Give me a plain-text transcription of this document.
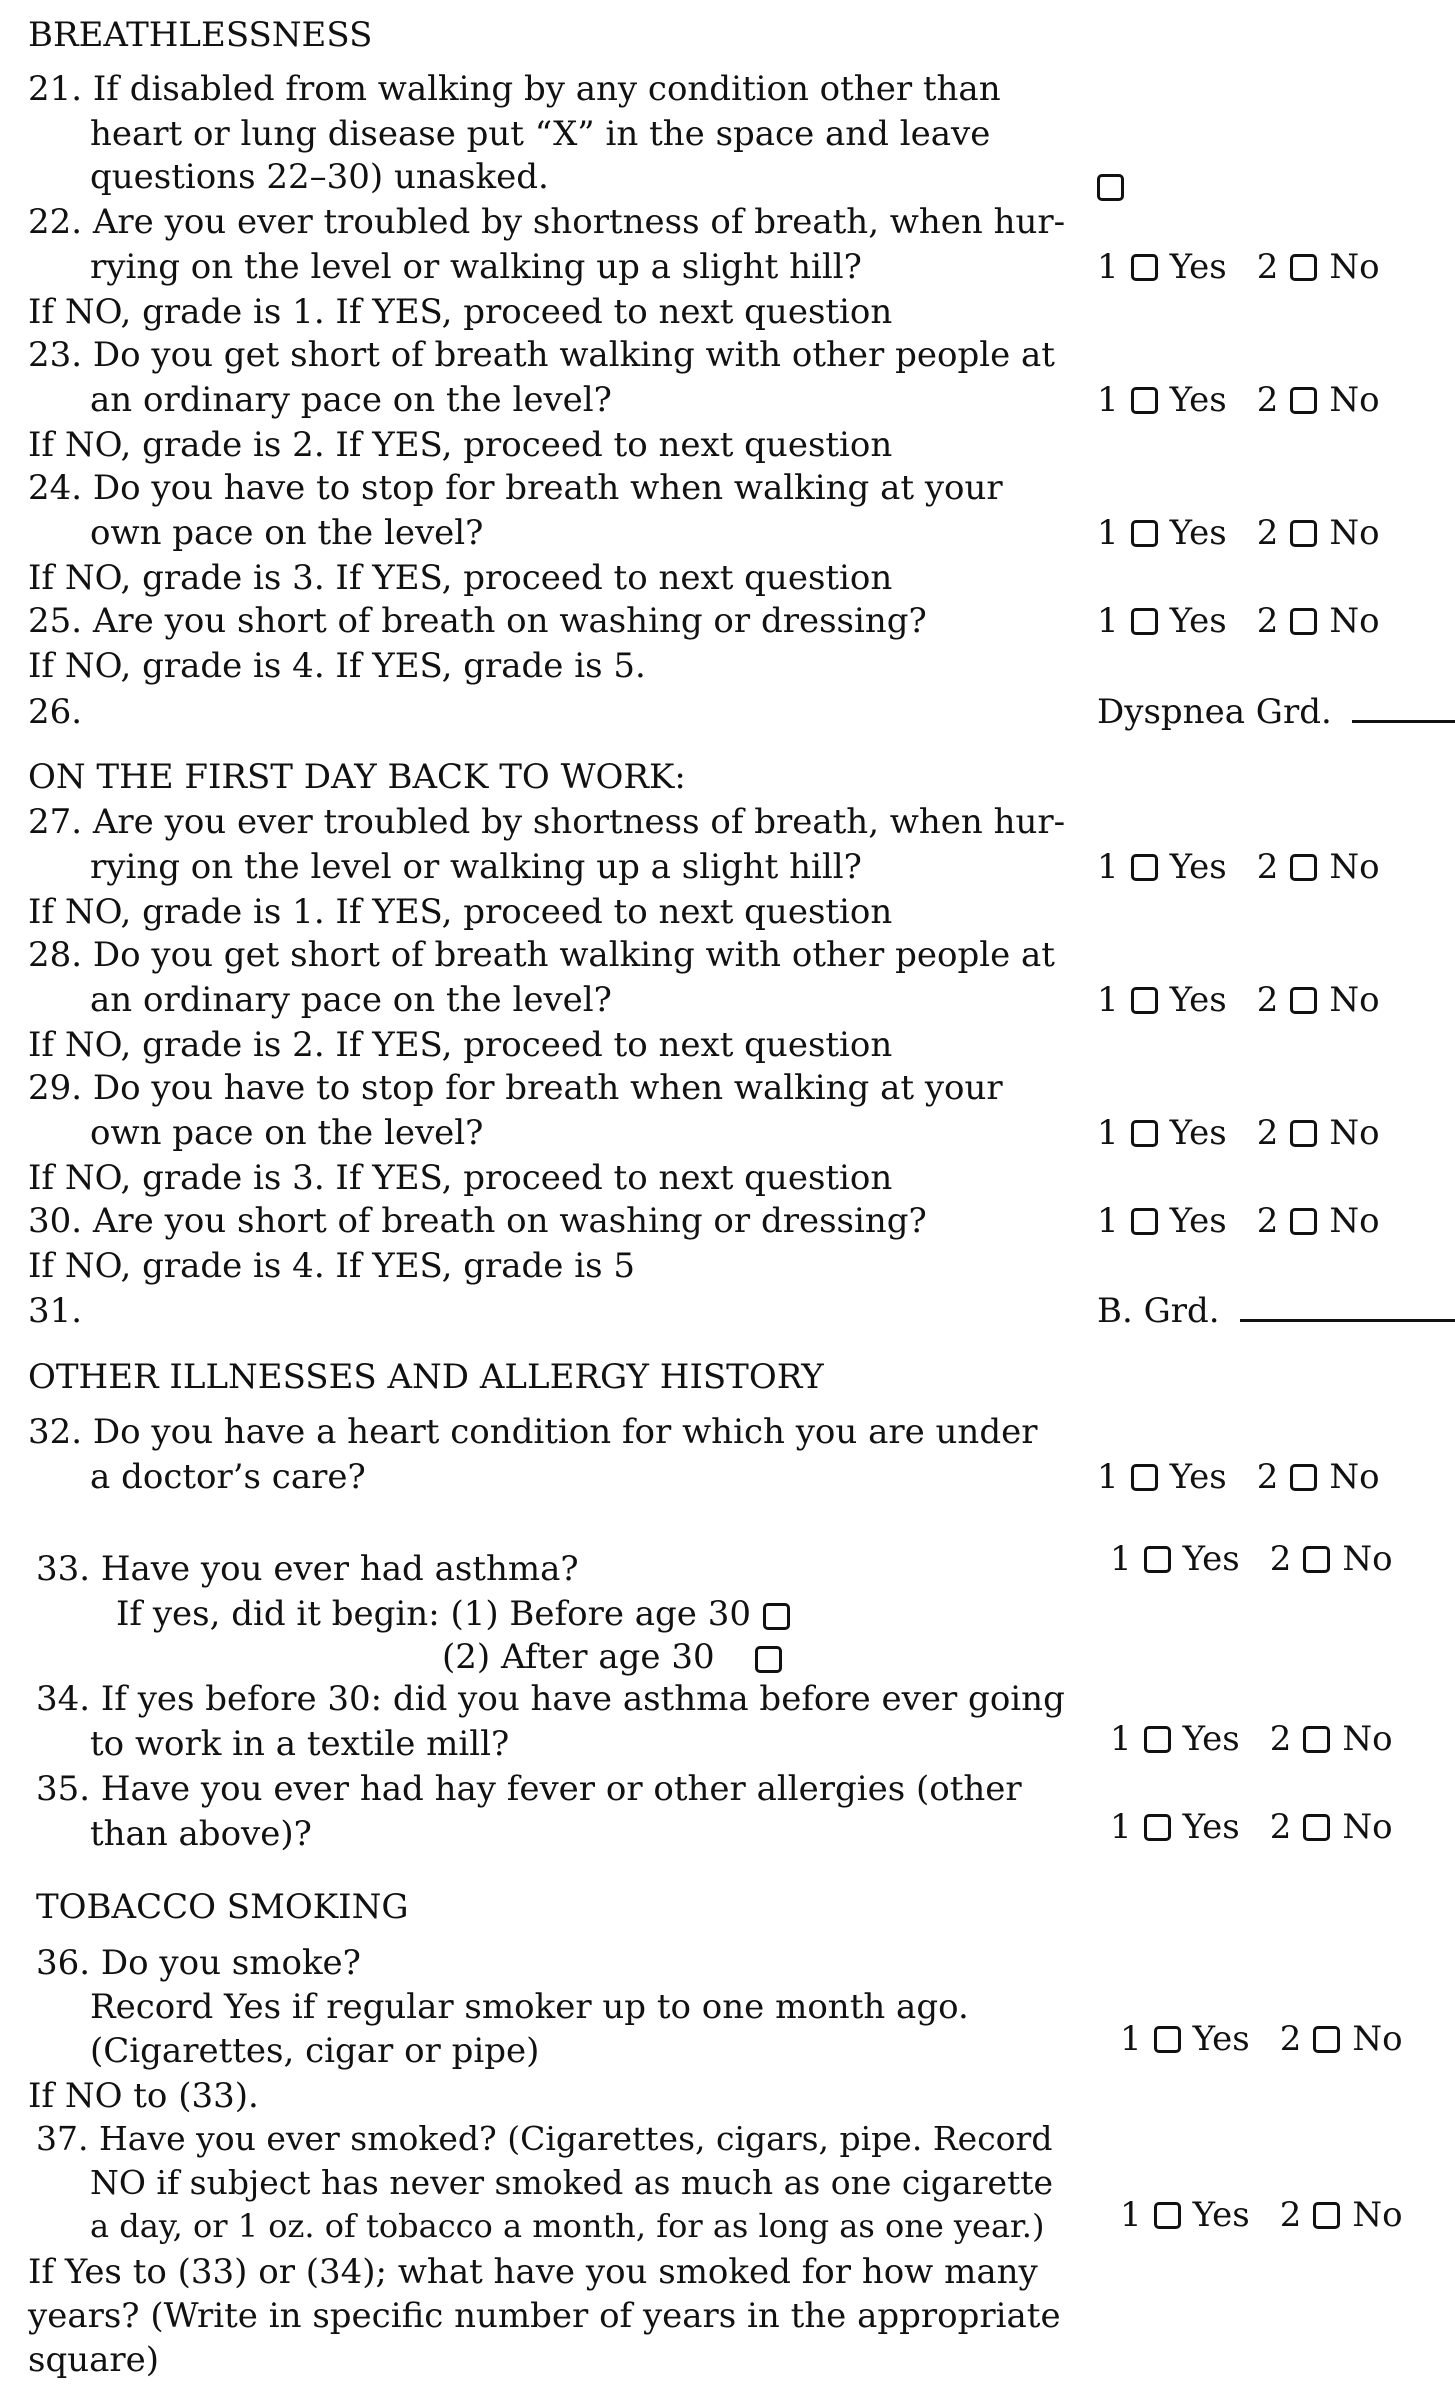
BREATHLESSNESS
21. If disabled from walking by any condition other than
heart or lung disease put “X” in the space and leave
questions 22–30) unasked.
22. Are you ever troubled by shortness of breath, when hur-
rying on the level or walking up a slight hill?	1 Yes 2 No
If NO, grade is 1. If YES, proceed to next question
23. Do you get short of breath walking with other people at
an ordinary pace on the level?	1 Yes 2 No
If NO, grade is 2. If YES, proceed to next question
24. Do you have to stop for breath when walking at your
own pace on the level?	1 Yes 2 No
If NO, grade is 3. If YES, proceed to next question
25. Are you short of breath on washing or dressing?	1 Yes 2 No
If NO, grade is 4. If YES, grade is 5.
26.	Dyspnea Grd.
ON THE FIRST DAY BACK TO WORK:
27. Are you ever troubled by shortness of breath, when hur-
rying on the level or walking up a slight hill?	1 Yes 2 No
If NO, grade is 1. If YES, proceed to next question
28. Do you get short of breath walking with other people at
an ordinary pace on the level?	1 Yes 2 No
If NO, grade is 2. If YES, proceed to next question
29. Do you have to stop for breath when walking at your
own pace on the level?	1 Yes 2 No
If NO, grade is 3. If YES, proceed to next question
30. Are you short of breath on washing or dressing?	1 Yes 2 No
If NO, grade is 4. If YES, grade is 5
31.	B. Grd.
OTHER ILLNESSES AND ALLERGY HISTORY
32. Do you have a heart condition for which you are under
a doctor’s care?	1 Yes 2 No
33. Have you ever had asthma?	1 Yes 2 No
If yes, did it begin: (1) Before age 30
(2) After age 30
34. If yes before 30: did you have asthma before ever going
to work in a textile mill?	1 Yes 2 No
35. Have you ever had hay fever or other allergies (other
than above)?	1 Yes 2 No
TOBACCO SMOKING
36. Do you smoke?
Record Yes if regular smoker up to one month ago.
(Cigarettes, cigar or pipe)	1 Yes 2 No
If NO to (33).
37. Have you ever smoked? (Cigarettes, cigars, pipe. Record
NO if subject has never smoked as much as one cigarette
a day, or 1 oz. of tobacco a month, for as long as one year.) 1 Yes 2 No
If Yes to (33) or (34); what have you smoked for how many
years? (Write in specific number of years in the appropriate
square)
